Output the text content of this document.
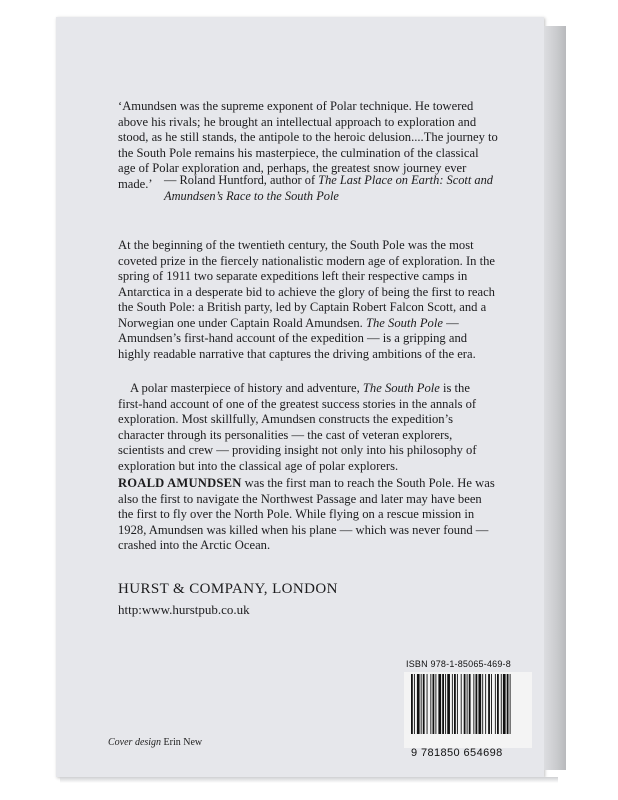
‘Amundsen was the supreme exponent of Polar technique. He towered above his rivals; he brought an intellectual approach to exploration and stood, as he still stands, the antipole to the heroic delusion....The journey to the South Pole remains his masterpiece, the culmination of the classical age of Polar exploration and, perhaps, the greatest snow journey ever made.’ — Roland Huntford, author of The Last Place on Earth: Scott and Amundsen’s Race to the South Pole
At the beginning of the twentieth century, the South Pole was the most coveted prize in the fiercely nationalistic modern age of exploration. In the spring of 1911 two separate expeditions left their respective camps in Antarctica in a desperate bid to achieve the glory of being the first to reach the South Pole: a British party, led by Captain Robert Falcon Scott, and a Norwegian one under Captain Roald Amundsen. The South Pole — Amundsen’s first-hand account of the expedition — is a gripping and highly readable narrative that captures the driving ambitions of the era.
A polar masterpiece of history and adventure, The South Pole is the first-hand account of one of the greatest success stories in the annals of exploration. Most skillfully, Amundsen constructs the expedition’s character through its personalities — the cast of veteran explorers, scientists and crew — providing insight not only into his philosophy of exploration but into the classical age of polar explorers.
ROALD AMUNDSEN was the first man to reach the South Pole. He was also the first to navigate the Northwest Passage and later may have been the first to fly over the North Pole. While flying on a rescue mission in 1928, Amundsen was killed when his plane — which was never found — crashed into the Arctic Ocean.
HURST & COMPANY, LONDON
http:www.hurstpub.co.uk
ISBN 978-1-85065-469-8
9 781850 654698
Cover design Erin New
